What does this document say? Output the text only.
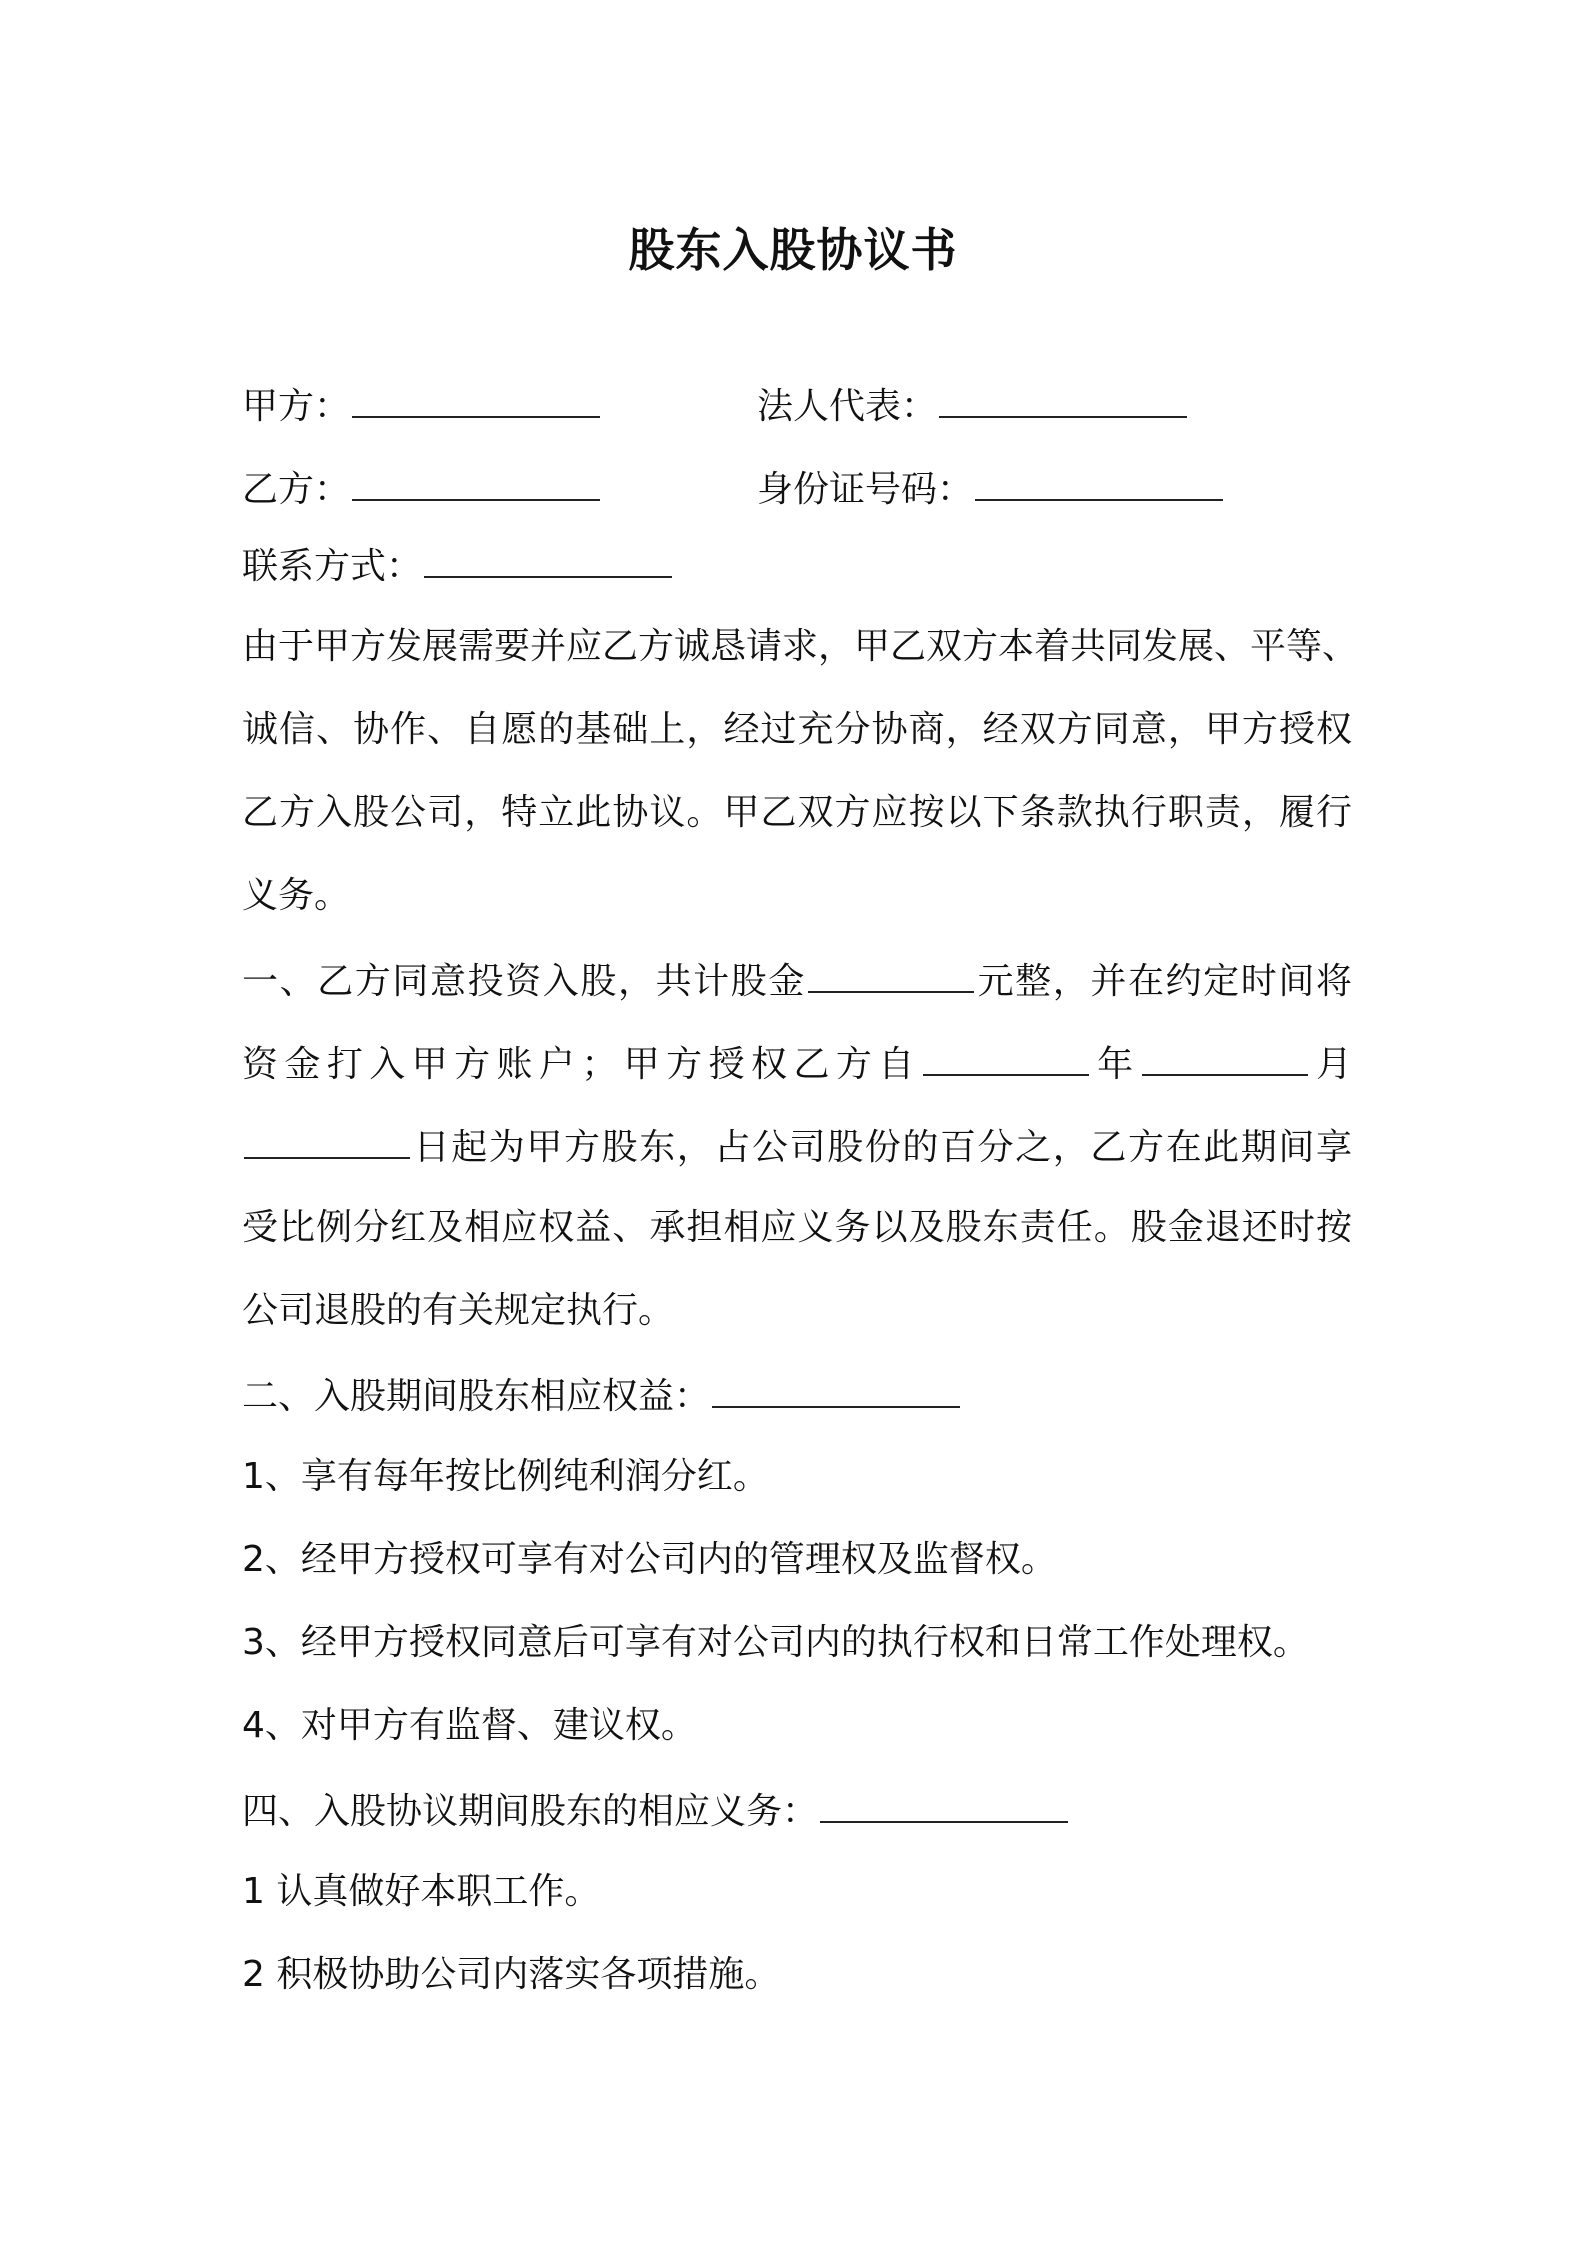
股东入股协议书
甲方：	法人代表：
乙方：	身份证号码：
联系方式：
由于甲方发展需要并应乙方诚恳请求，甲乙双方本着共同发展、平等、
诚信、协作、自愿的基础上，经过充分协商，经双方同意，甲方授权
乙方入股公司，特立此协议。甲乙双方应按以下条款执行职责，履行
义务。
一、乙方同意投资入股，共计股金	元整，并在约定时间将
资金打入甲方账户；甲方授权乙方自	年	月
日起为甲方股东，占公司股份的百分之，乙方在此期间享
受比例分红及相应权益、承担相应义务以及股东责任。股金退还时按
公司退股的有关规定执行。
二、入股期间股东相应权益：
1、享有每年按比例纯利润分红。
2、经甲方授权可享有对公司内的管理权及监督权。
3、经甲方授权同意后可享有对公司内的执行权和日常工作处理权。
4、对甲方有监督、建议权。
四、入股协议期间股东的相应义务：
1 认真做好本职工作。
2 积极协助公司内落实各项措施。
